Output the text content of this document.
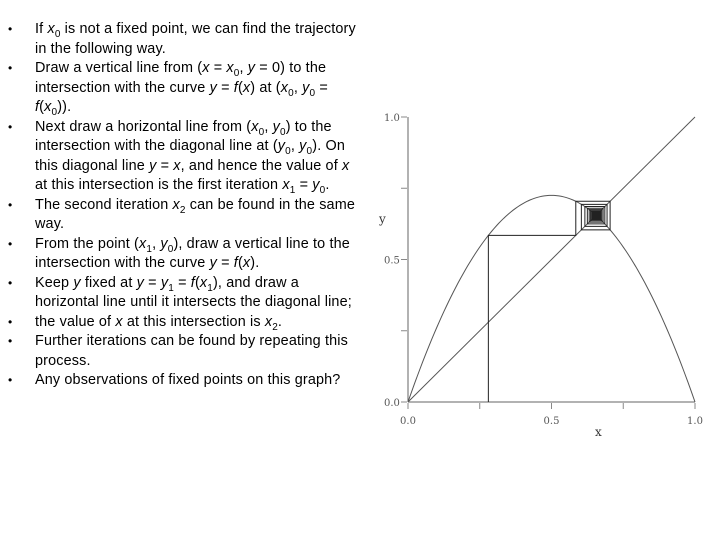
• If $x_0$ is not a fixed point, we can find the trajectory in the following way.
• Draw a vertical line from ($x = x_0$, y = 0) to the intersection with the curve y = f(x) at ($x_0$, $y_0 = f(x_0)$).
• Next draw a horizontal line from ($x_0$, $y_0$) to the intersection with the diagonal line at ($y_0$, $y_0$). On this diagonal line y = x, and hence the value of x at this intersection is the first iteration $x_1 = y_0$.
• The second iteration $x_2$ can be found in the same way.
• From the point ($x_1$, $y_0$), draw a vertical line to the intersection with the curve y = f(x).
• Keep y fixed at $y = y_1 = f(x_1)$, and draw a horizontal line until it intersects the diagonal line;
• the value of x at this intersection is $x_2$.
• Further iterations can be found by repeating this process.
• Any observations of fixed points on this graph?
0.0	0.5	1.0
0.0
0.5
1.0
y
x
